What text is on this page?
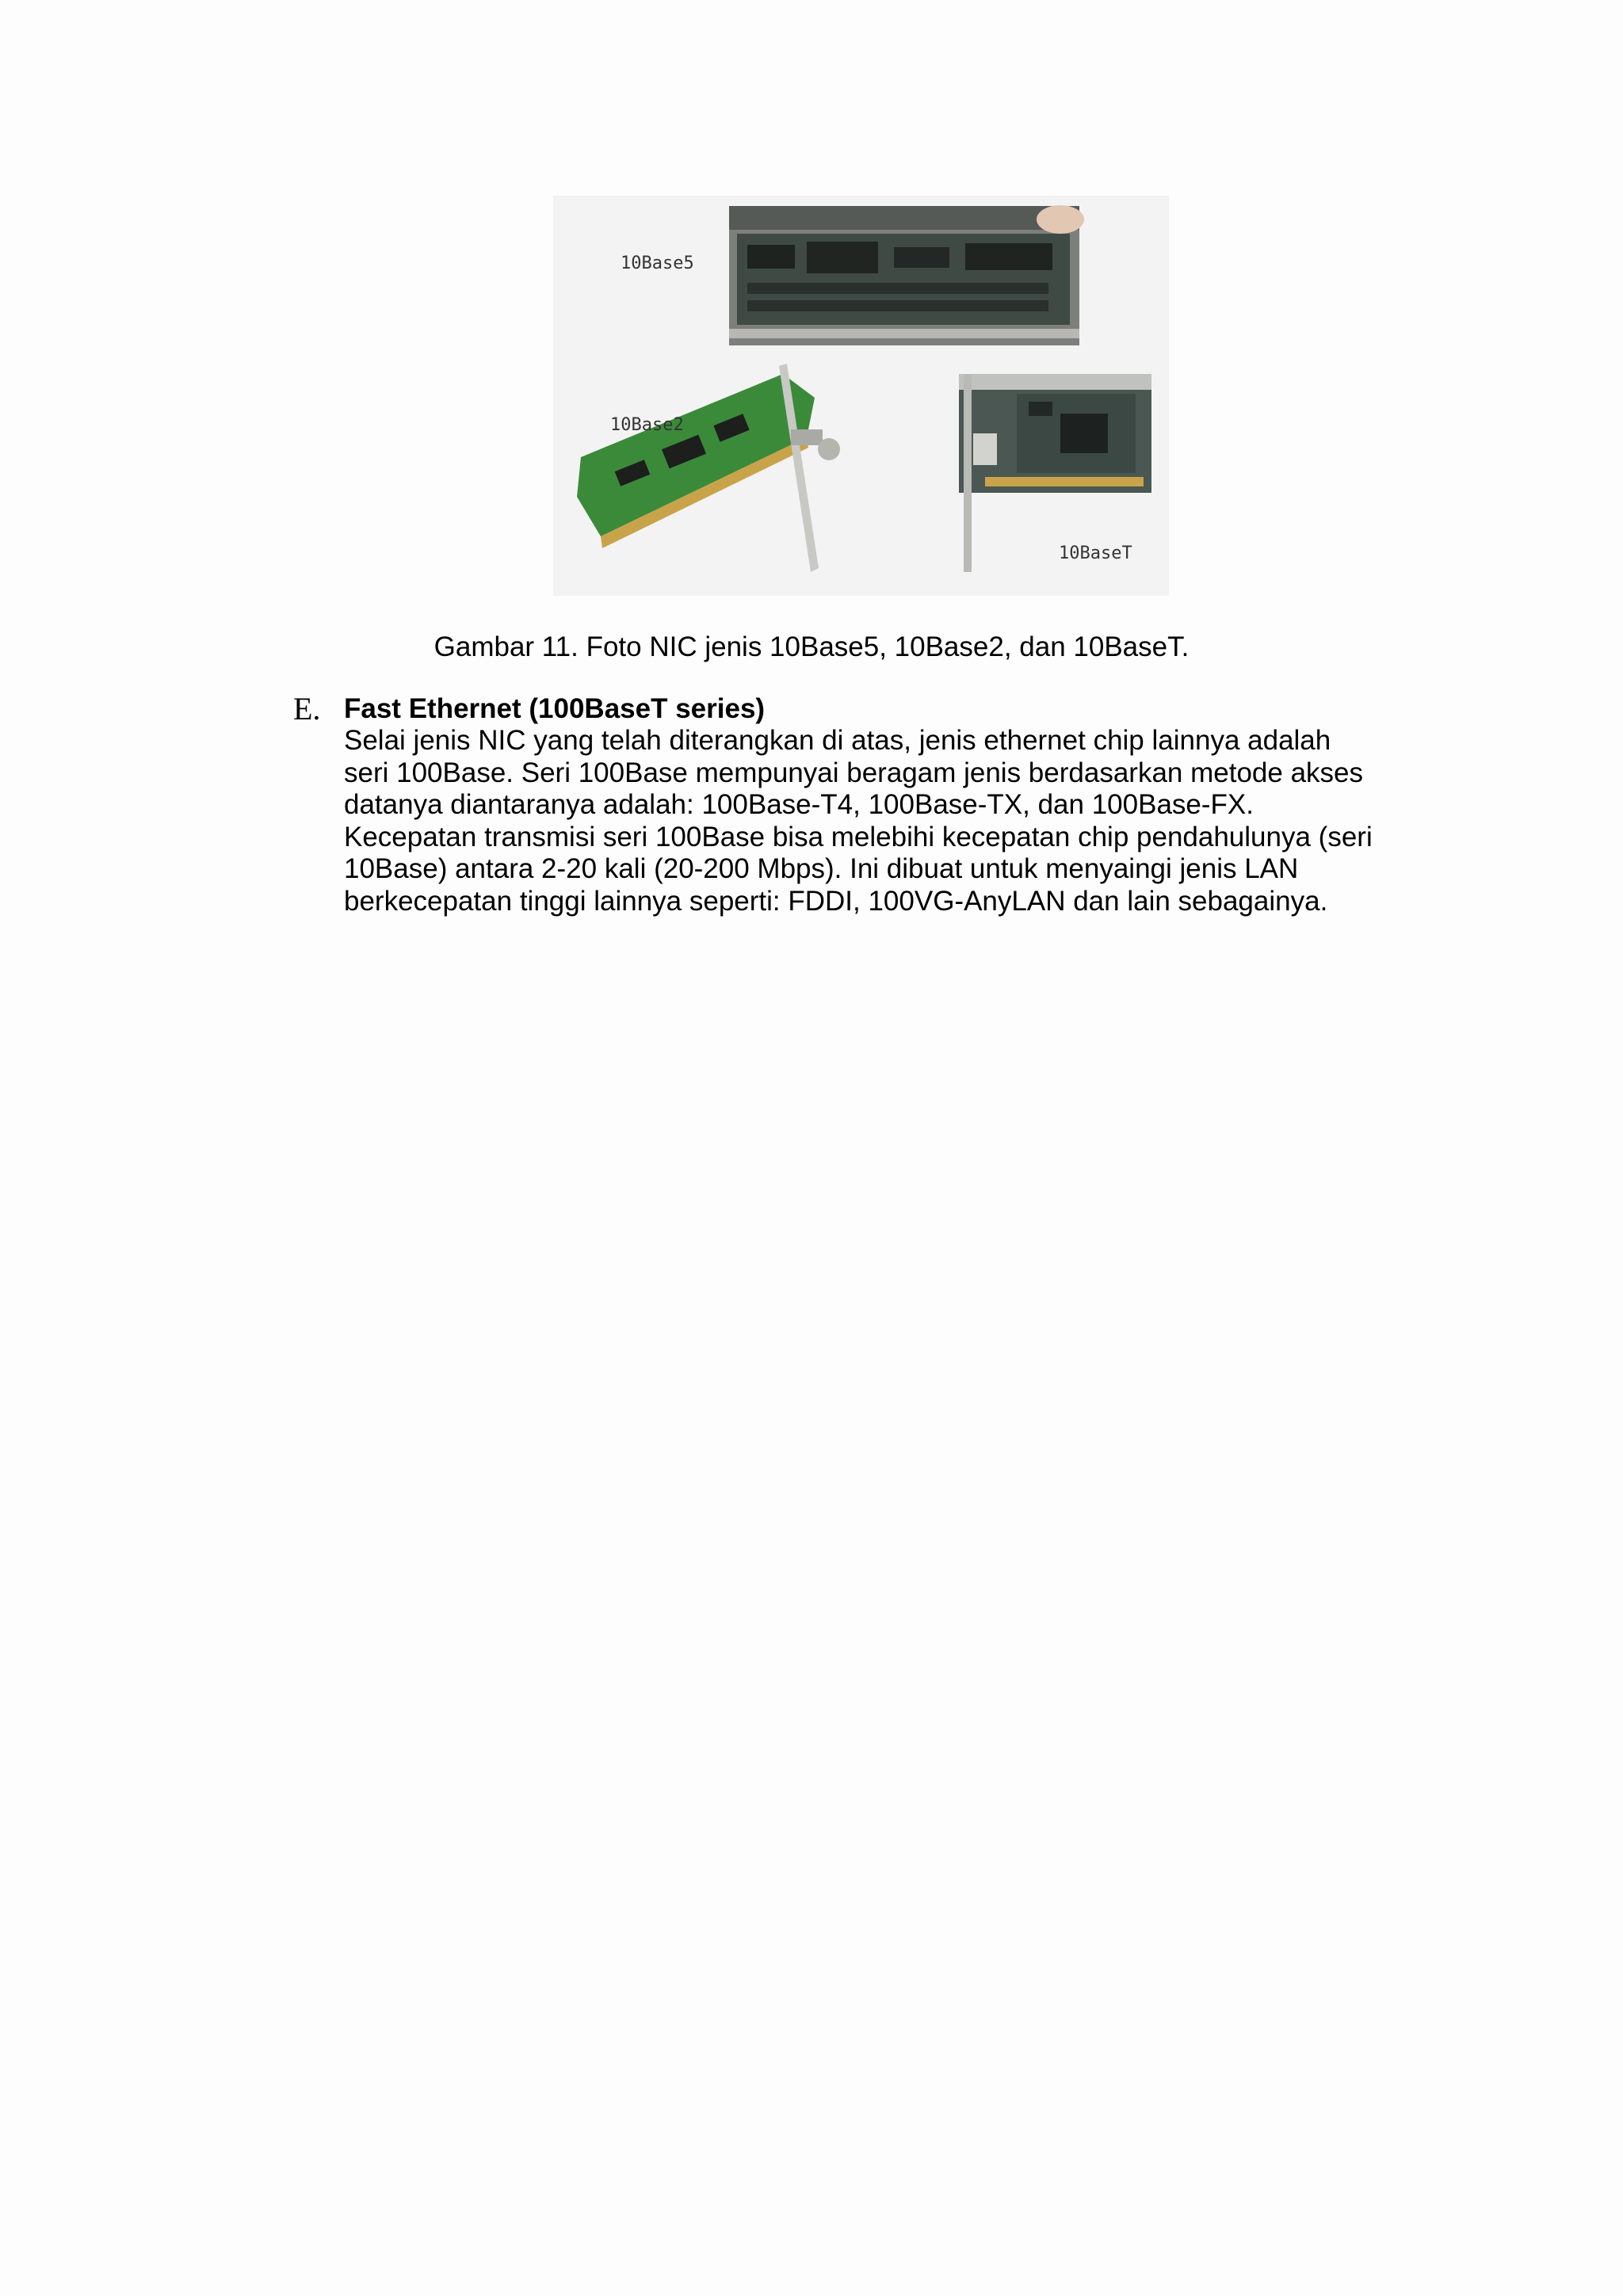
10Base5
10Base2
10BaseT
Gambar 11. Foto NIC jenis 10Base5, 10Base2, dan 10BaseT.
E. Fast Ethernet (100BaseT series)

Selai jenis NIC yang telah diterangkan di atas, jenis ethernet chip lainnya adalah seri 100Base. Seri 100Base mempunyai beragam jenis berdasarkan metode akses datanya diantaranya adalah: 100Base-T4, 100Base-TX, dan 100Base-FX. Kecepatan transmisi seri 100Base bisa melebihi kecepatan chip pendahulunya (seri 10Base) antara 2-20 kali (20-200 Mbps). Ini dibuat untuk menyaingi jenis LAN berkecepatan tinggi lainnya seperti: FDDI, 100VG-AnyLAN dan lain sebagainya.
